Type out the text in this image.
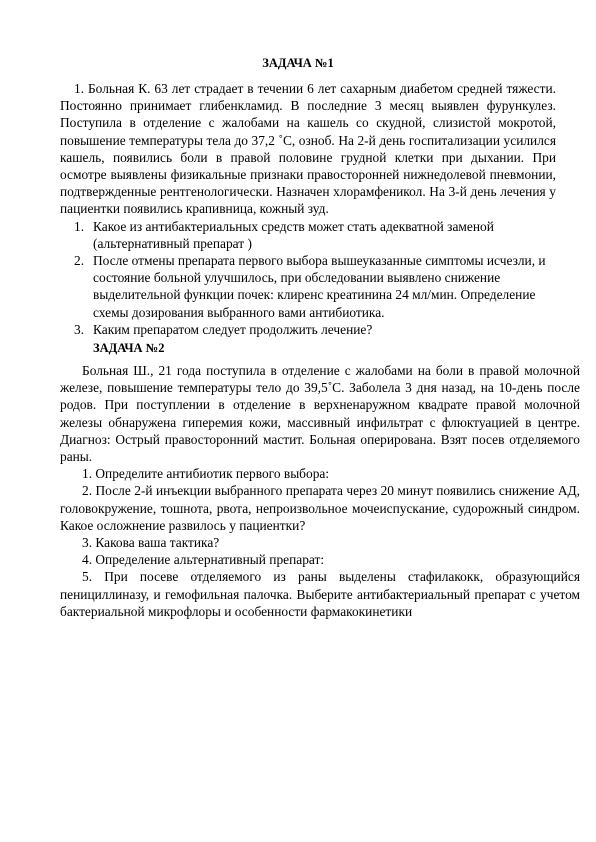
ЗАДАЧА №1

1. Больная К. 63 лет страдает в течении 6 лет сахарным диабетом средней тяжести. Постоянно принимает глибенкламид. В последние 3 месяц выявлен фурункулез. Поступила в отделение с жалобами на кашель со скудной, слизистой мокротой, повышение температуры тела до 37,2 ˚С, озноб. На 2-й день госпитализации усилился кашель, появились боли в правой половине грудной клетки при дыхании. При осмотре выявлены физикальные признаки правосторонней нижнедолевой пневмонии, подтвержденные рентгенологически. Назначен хлорамфеникол. На 3-й день лечения у пациентки появились крапивница, кожный зуд.

1. Какое из антибактериальных средств может стать адекватной заменой (альтернативный препарат )
2. После отмены препарата первого выбора вышеуказанные симптомы исчезли, и состояние больной улучшилось, при обследовании выявлено снижение выделительной функции почек: клиренс креатинина 24 мл/мин. Определение схемы дозирования выбранного вами антибиотика.
3. Каким препаратом следует продолжить лечение?
ЗАДАЧА №2

Больная Ш., 21 года поступила в отделение с жалобами на боли в правой молочной железе, повышение температуры тело до 39,5˚С. Заболела 3 дня назад, на 10-день после родов. При поступлении в отделение в верхненаружном квадрате правой молочной железы обнаружена гиперемия кожи, массивный инфильтрат с флюктуацией в центре. Диагноз: Острый правосторонний мастит. Больная оперирована. Взят посев отделяемого раны.

1. Определите антибиотик первого выбора:

2. После 2-й инъекции выбранного препарата через 20 минут появились снижение АД, головокружение, тошнота, рвота, непроизвольное мочеиспускание, судорожный синдром. Какое осложнение развилось у пациентки?

3. Какова ваша тактика?

4. Определение альтернативный препарат:

5. При посеве отделяемого из раны выделены стафилакокк, образующийся пенициллиназу, и гемофильная палочка. Выберите антибактериальный препарат с учетом бактериальной микрофлоры и особенности фармакокинетики
